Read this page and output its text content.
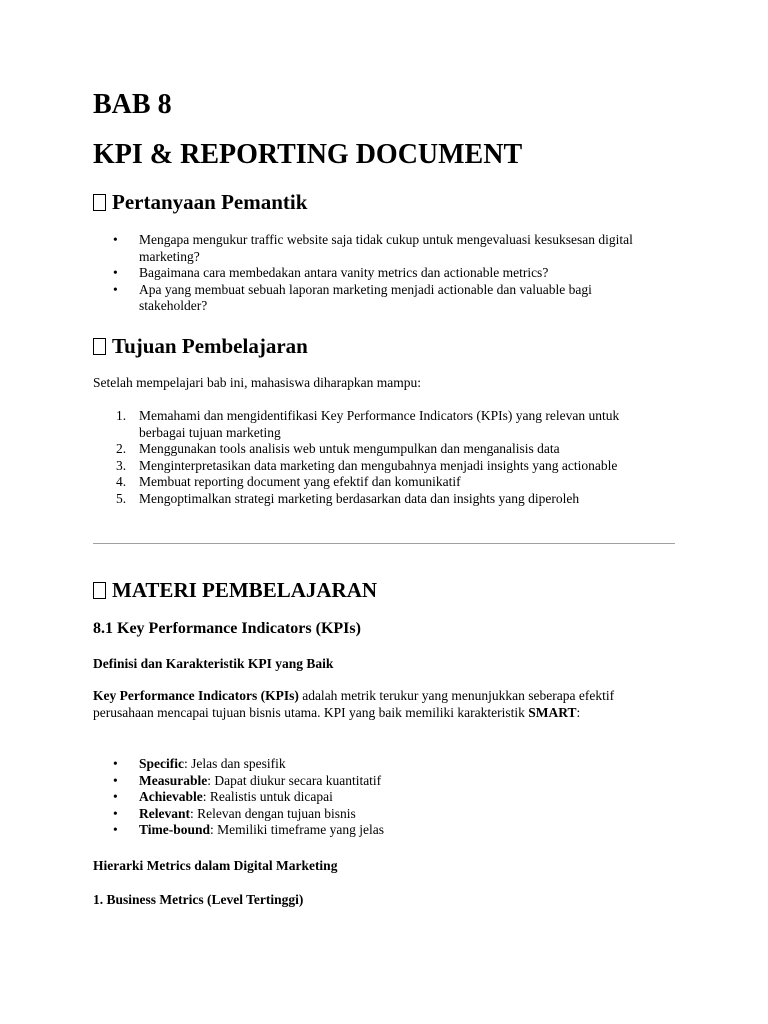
BAB 8
KPI & REPORTING DOCUMENT
Pertanyaan Pemantik
• Mengapa mengukur traffic website saja tidak cukup untuk mengevaluasi kesuksesan digital marketing?
• Bagaimana cara membedakan antara vanity metrics dan actionable metrics?
• Apa yang membuat sebuah laporan marketing menjadi actionable dan valuable bagi stakeholder?
Tujuan Pembelajaran

Setelah mempelajari bab ini, mahasiswa diharapkan mampu:

1. Memahami dan mengidentifikasi Key Performance Indicators (KPIs) yang relevan untuk berbagai tujuan marketing
2. Menggunakan tools analisis web untuk mengumpulkan dan menganalisis data
3. Menginterpretasikan data marketing dan mengubahnya menjadi insights yang actionable
4. Membuat reporting document yang efektif dan komunikatif
5. Mengoptimalkan strategi marketing berdasarkan data dan insights yang diperoleh
MATERI PEMBELAJARAN
8.1 Key Performance Indicators (KPIs)
Definisi dan Karakteristik KPI yang Baik

Key Performance Indicators (KPIs) adalah metrik terukur yang menunjukkan seberapa efektif perusahaan mencapai tujuan bisnis utama. KPI yang baik memiliki karakteristik SMART:

• Specific: Jelas dan spesifik
• Measurable: Dapat diukur secara kuantitatif
• Achievable: Realistis untuk dicapai
• Relevant: Relevan dengan tujuan bisnis
• Time-bound: Memiliki timeframe yang jelas
Hierarki Metrics dalam Digital Marketing
1. Business Metrics (Level Tertinggi)
